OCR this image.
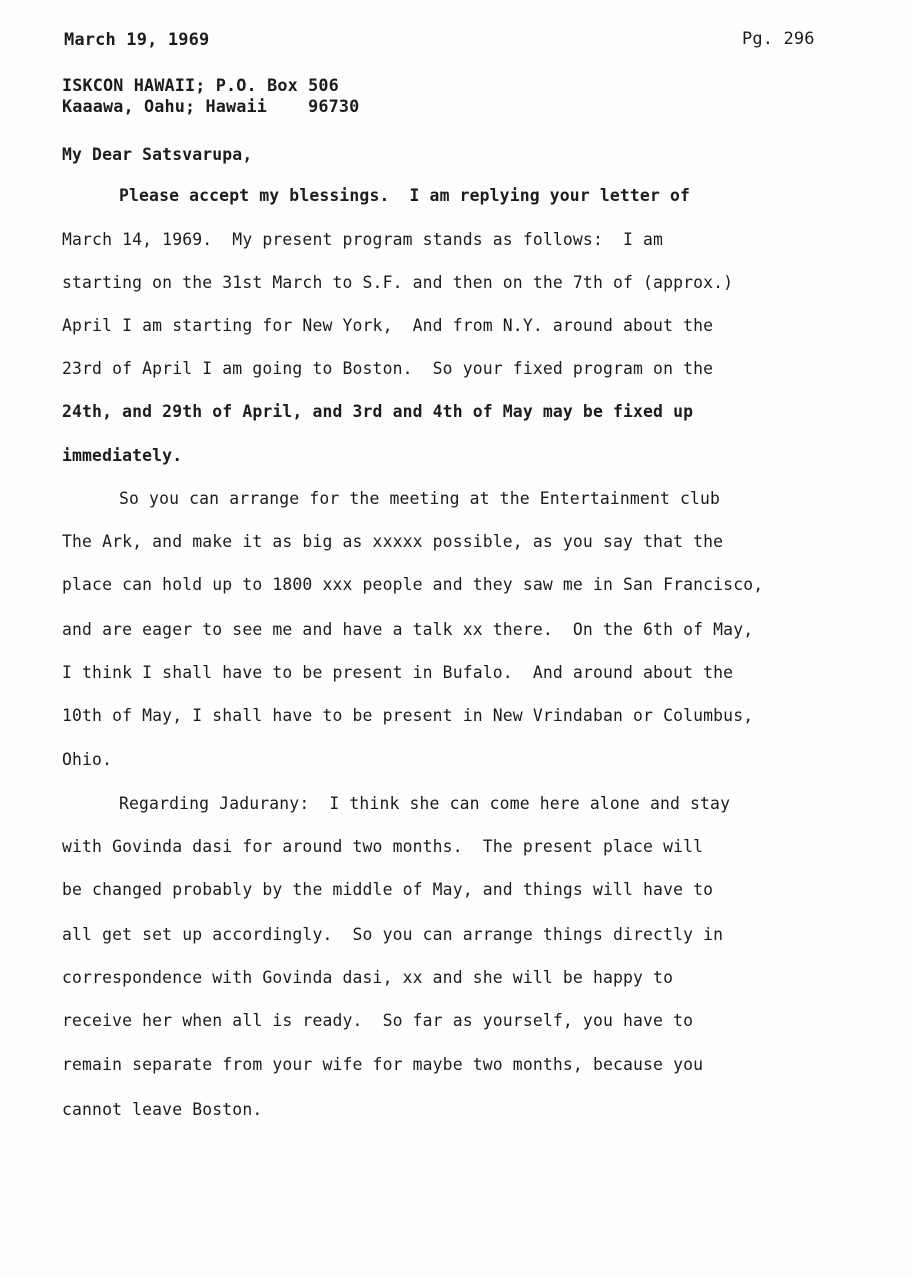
March 19, 1969	Pg. 296
ISKCON HAWAII; P.O. Box 506
Kaaawa, Oahu; Hawaii    96730
My Dear Satsvarupa,
Please accept my blessings.  I am replying your letter of
March 14, 1969.  My present program stands as follows:  I am
starting on the 31st March to S.F. and then on the 7th of (approx.)
April I am starting for New York,  And from N.Y. around about the
23rd of April I am going to Boston.  So your fixed program on the
24th, and 29th of April, and 3rd and 4th of May may be fixed up
immediately.
So you can arrange for the meeting at the Entertainment club
The Ark, and make it as big as xxxxx possible, as you say that the
place can hold up to 1800 xxx people and they saw me in San Francisco,
and are eager to see me and have a talk xx there.  On the 6th of May,
I think I shall have to be present in Bufalo.  And around about the
10th of May, I shall have to be present in New Vrindaban or Columbus,
Ohio.
Regarding Jadurany:  I think she can come here alone and stay
with Govinda dasi for around two months.  The present place will
be changed probably by the middle of May, and things will have to
all get set up accordingly.  So you can arrange things directly in
correspondence with Govinda dasi, xx and she will be happy to
receive her when all is ready.  So far as yourself, you have to
remain separate from your wife for maybe two months, because you
cannot leave Boston.
